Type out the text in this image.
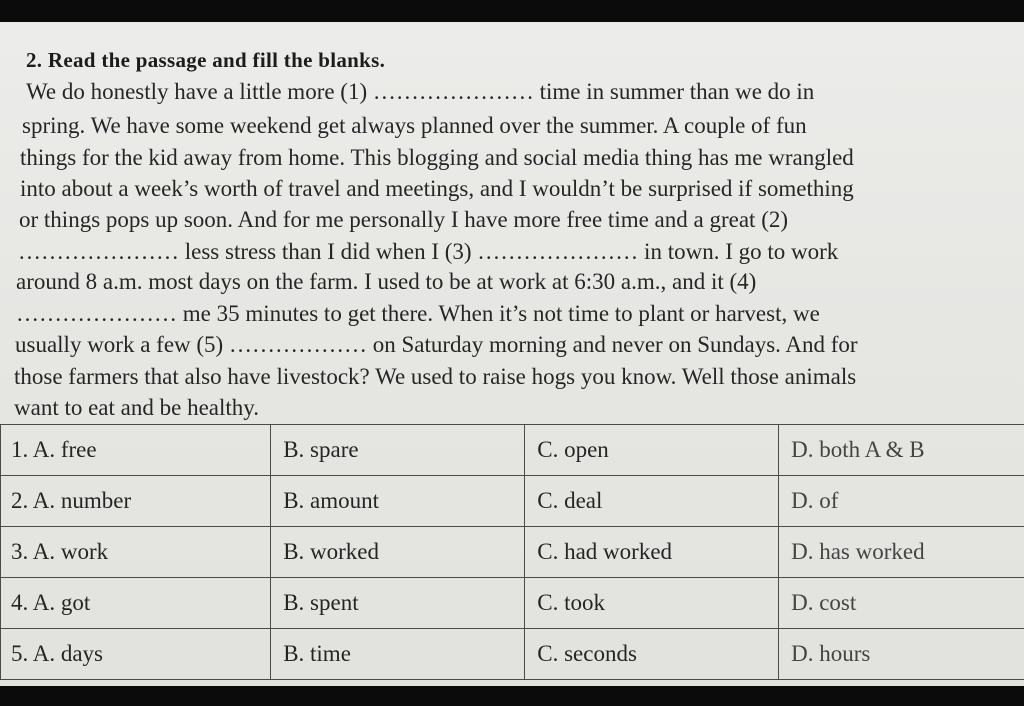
2. Read the passage and fill the blanks.
We do honestly have a little more (1) ………………… time in summer than we do in
spring. We have some weekend get always planned over the summer. A couple of fun
things for the kid away from home. This blogging and social media thing has me wrangled
into about a week’s worth of travel and meetings, and I wouldn’t be surprised if something
or things pops up soon. And for me personally I have more free time and a great (2)
………………… less stress than I did when I (3) ………………… in town. I go to work
around 8 a.m. most days on the farm. I used to be at work at 6:30 a.m., and it (4)
………………… me 35 minutes to get there. When it’s not time to plant or harvest, we
usually work a few (5) ……………… on Saturday morning and never on Sundays. And for
those farmers that also have livestock? We used to raise hogs you know. Well those animals
want to eat and be healthy.
1. A. free	B. spare	C. open	D. both A & B
2. A. number	B. amount	C. deal	D. of
3. A. work	B. worked	C. had worked	D. has worked
4. A. got	B. spent	C. took	D. cost
5. A. days	B. time	C. seconds	D. hours
